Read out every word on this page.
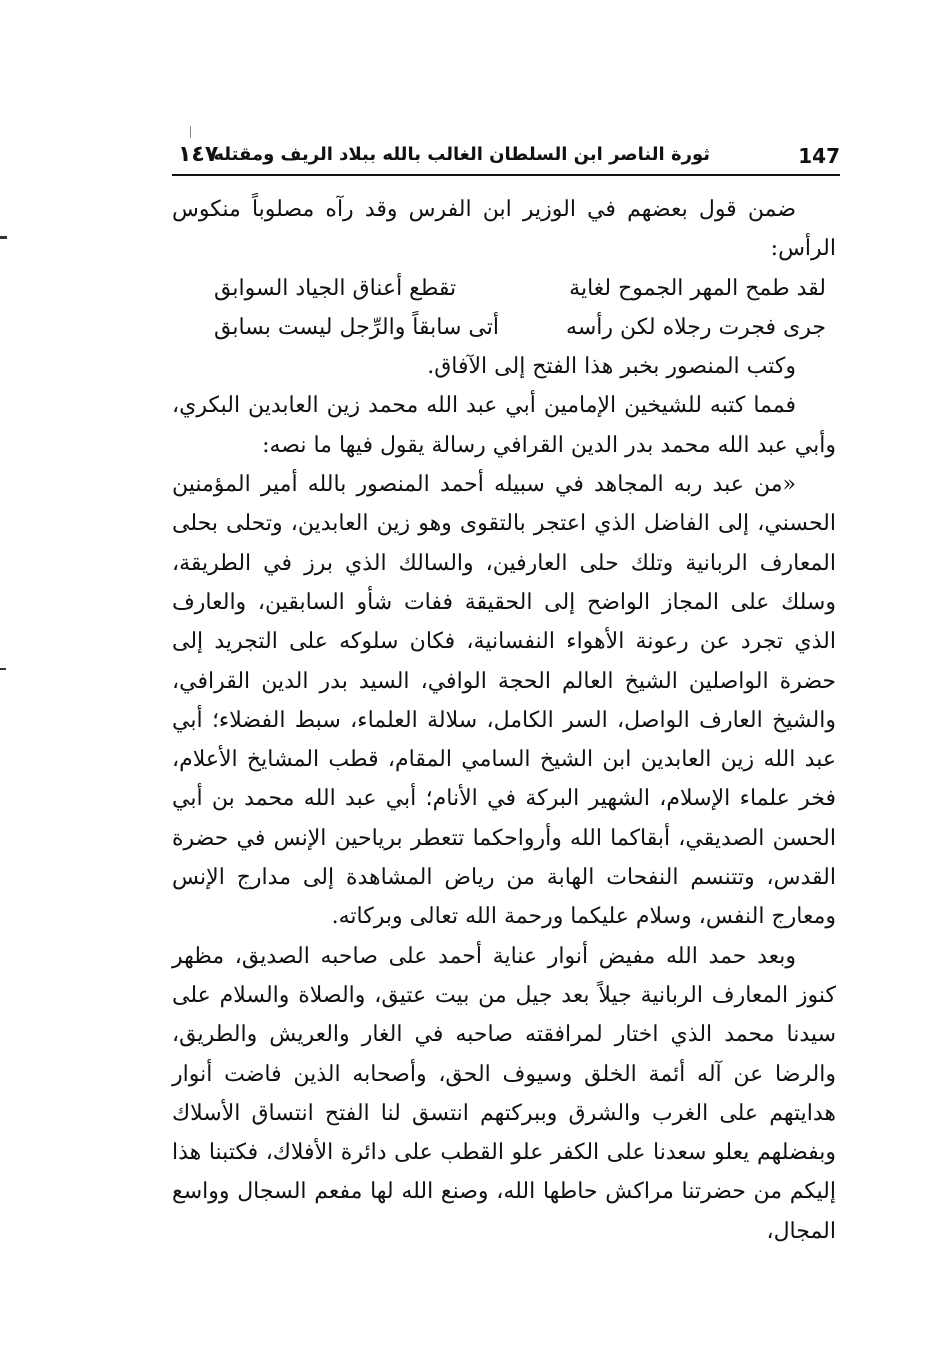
147
ثورة الناصر ابن السلطان الغالب بالله ببلاد الريف ومقتله
١٤٧

ضمن قول بعضهم في الوزير ابن الفرس وقد رآه مصلوباً منكوس الرأس:

لقد طمح المهر الجموح لغاية
تقطع أعناق الجياد السوابق
جرى فجرت رجلاه لكن رأسه
أتى سابقاً والرِّجل ليست بسابق

وكتب المنصور بخبر هذا الفتح إلى الآفاق.

فمما كتبه للشيخين الإمامين أبي عبد الله محمد زين العابدين البكري، وأبي عبد الله محمد بدر الدين القرافي رسالة يقول فيها ما نصه:

«من عبد ربه المجاهد في سبيله أحمد المنصور بالله أمير المؤمنين الحسني، إلى الفاضل الذي اعتجر بالتقوى وهو زين العابدين، وتحلى بحلى المعارف الربانية وتلك حلى العارفين، والسالك الذي برز في الطريقة، وسلك على المجاز الواضح إلى الحقيقة ففات شأو السابقين، والعارف الذي تجرد عن رعونة الأهواء النفسانية، فكان سلوكه على التجريد إلى حضرة الواصلين الشيخ العالم الحجة الوافي، السيد بدر الدين القرافي، والشيخ العارف الواصل، السر الكامل، سلالة العلماء، سبط الفضلاء؛ أبي عبد الله زين العابدين ابن الشيخ السامي المقام، قطب المشايخ الأعلام، فخر علماء الإسلام، الشهير البركة في الأنام؛ أبي عبد الله محمد بن أبي الحسن الصديقي، أبقاكما الله وأرواحكما تتعطر برياحين الإنس في حضرة القدس، وتتنسم النفحات الهابة من رياض المشاهدة إلى مدارج الإنس ومعارج النفس، وسلام عليكما ورحمة الله تعالى وبركاته.

وبعد حمد الله مفيض أنوار عناية أحمد على صاحبه الصديق، مظهر كنوز المعارف الربانية جيلاً بعد جيل من بيت عتيق، والصلاة والسلام على سيدنا محمد الذي اختار لمرافقته صاحبه في الغار والعريش والطريق، والرضا عن آله أئمة الخلق وسيوف الحق، وأصحابه الذين فاضت أنوار هدايتهم على الغرب والشرق وببركتهم انتسق لنا الفتح انتساق الأسلاك وبفضلهم يعلو سعدنا على الكفر علو القطب على دائرة الأفلاك، فكتبنا هذا إليكم من حضرتنا مراكش حاطها الله، وصنع الله لها مفعم السجال وواسع المجال،
